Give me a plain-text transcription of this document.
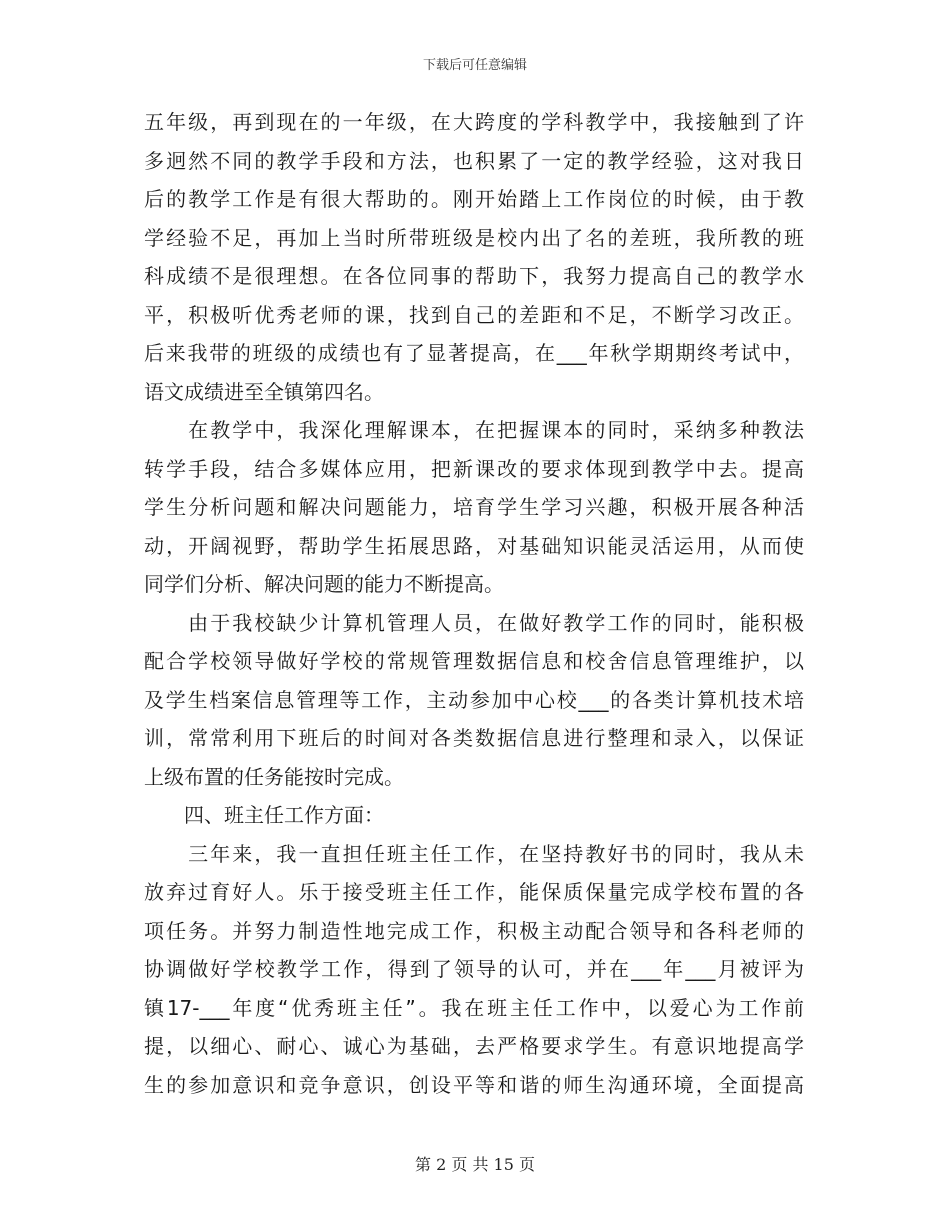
下载后可任意编辑
五年级，再到现在的一年级，在大跨度的学科教学中，我接触到了许
多迥然不同的教学手段和方法，也积累了一定的教学经验，这对我日
后的教学工作是有很大帮助的。刚开始踏上工作岗位的时候，由于教
学经验不足，再加上当时所带班级是校内出了名的差班，我所教的班
科成绩不是很理想。在各位同事的帮助下，我努力提高自己的教学水
平，积极听优秀老师的课，找到自己的差距和不足，不断学习改正。
后来我带的班级的成绩也有了显著提高，在___年秋学期期终考试中，
语文成绩进至全镇第四名。
　　在教学中，我深化理解课本，在把握课本的同时，采纳多种教法
转学手段，结合多媒体应用，把新课改的要求体现到教学中去。提高
学生分析问题和解决问题能力，培育学生学习兴趣，积极开展各种活
动，开阔视野，帮助学生拓展思路，对基础知识能灵活运用，从而使
同学们分析、解决问题的能力不断提高。
　　由于我校缺少计算机管理人员，在做好教学工作的同时，能积极
配合学校领导做好学校的常规管理数据信息和校舍信息管理维护，以
及学生档案信息管理等工作，主动参加中心校___的各类计算机技术培
训，常常利用下班后的时间对各类数据信息进行整理和录入，以保证
上级布置的任务能按时完成。
　　四、班主任工作方面：
　　三年来，我一直担任班主任工作，在坚持教好书的同时，我从未
放弃过育好人。乐于接受班主任工作，能保质保量完成学校布置的各
项任务。并努力制造性地完成工作，积极主动配合领导和各科老师的
协调做好学校教学工作，得到了领导的认可，并在___年___月被评为
镇17-___年度“优秀班主任”。我在班主任工作中，以爱心为工作前
提，以细心、耐心、诚心为基础，去严格要求学生。有意识地提高学
生的参加意识和竞争意识，创设平等和谐的师生沟通环境，全面提高
第 2 页 共 15 页
